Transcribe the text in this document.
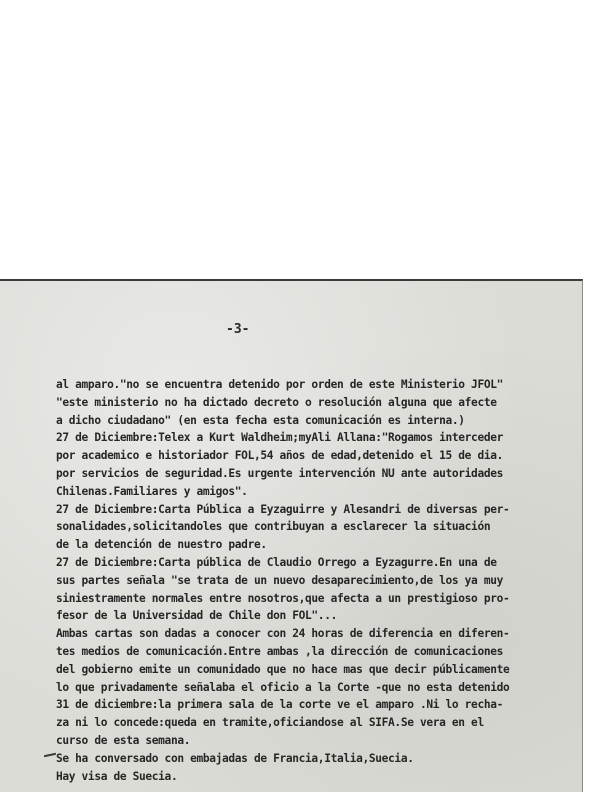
-3-

al amparo."no se encuentra detenido por orden de este Ministerio JFOL"
"este ministerio no ha dictado decreto o resolución alguna que afecte
a dicho ciudadano" (en esta fecha esta comunicación es interna.)
27 de Diciembre:Telex a Kurt Waldheim;myAli Allana:"Rogamos interceder
por academico e historiador FOL,54 años de edad,detenido el 15 de dia.
por servicios de seguridad.Es urgente intervención NU ante autoridades
Chilenas.Familiares y amigos".
27 de Diciembre:Carta Pública a Eyzaguirre y Alesandri de diversas per-
sonalidades,solicitandoles que contribuyan a esclarecer la situación
de la detención de nuestro padre.
27 de Diciembre:Carta pública de Claudio Orrego a Eyzagurre.En una de
sus partes señala "se trata de un nuevo desaparecimiento,de los ya muy
siniestramente normales entre nosotros,que afecta a un prestigioso pro-
fesor de la Universidad de Chile don FOL"...
Ambas cartas son dadas a conocer con 24 horas de diferencia en diferen-
tes medios de comunicación.Entre ambas ,la dirección de comunicaciones
del gobierno emite un comunidado que no hace mas que decir públicamente
lo que privadamente señalaba el oficio a la Corte -que no esta detenido
31 de diciembre:la primera sala de la corte ve el amparo .Ni lo recha-
za ni lo concede:queda en tramite,oficiandose al SIFA.Se vera en el
curso de esta semana.
Se ha conversado con embajadas de Francia,Italia,Suecia.
Hay visa de Suecia.
